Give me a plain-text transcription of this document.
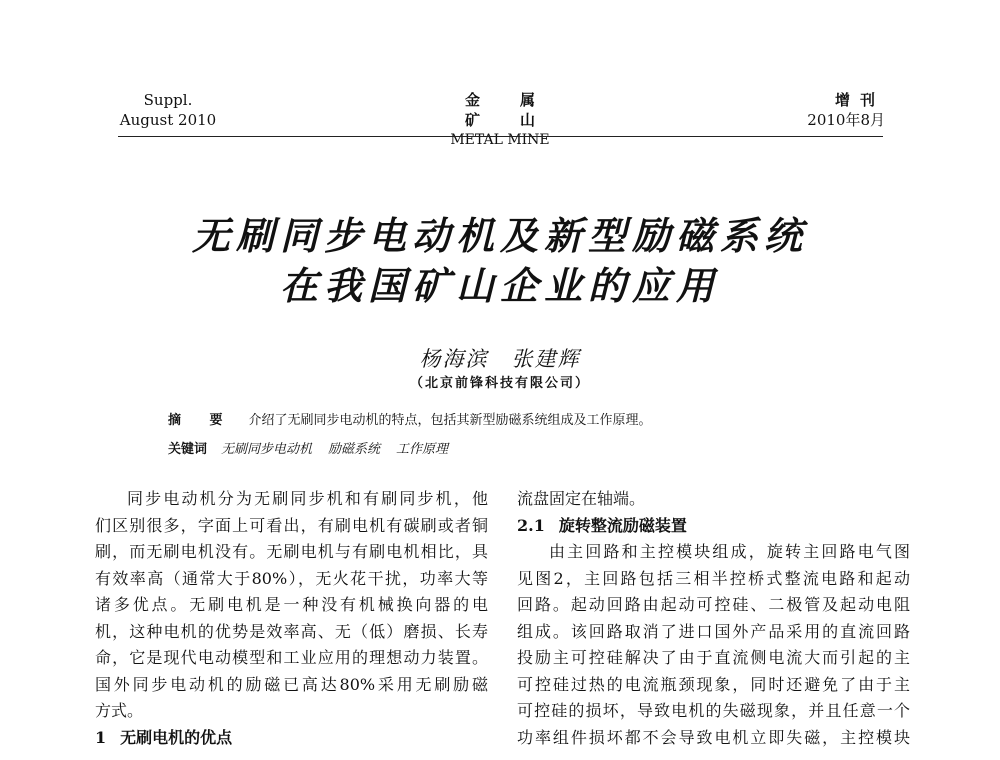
Suppl.
August 2010
金属矿山
METAL MINE
增刊
2010年8月
无刷同步电动机及新型励磁系统
在我国矿山企业的应用
杨海滨　张建辉
（北京前锋科技有限公司）
摘 要 介绍了无刷同步电动机的特点，包括其新型励磁系统组成及工作原理。
关键词 无刷同步电动机 励磁系统 工作原理
同步电动机分为无刷同步机和有刷同步机，他
们区别很多，字面上可看出，有刷电机有碳刷或者铜
刷，而无刷电机没有。无刷电机与有刷电机相比，具
有效率高（通常大于80%），无火花干扰，功率大等
诸多优点。无刷电机是一种没有机械换向器的电
机，这种电机的优势是效率高、无（低）磨损、长寿
命，它是现代电动模型和工业应用的理想动力装置。
国外同步电动机的励磁已高达80%采用无刷励磁
方式。
1 无刷电机的优点
流盘固定在轴端。
2.1 旋转整流励磁装置
由主回路和主控模块组成，旋转主回路电气图
见图2，主回路包括三相半控桥式整流电路和起动
回路。起动回路由起动可控硅、二极管及起动电阻
组成。该回路取消了进口国外产品采用的直流回路
投励主可控硅解决了由于直流侧电流大而引起的主
可控硅过热的电流瓶颈现象，同时还避免了由于主
可控硅的损坏，导致电机的失磁现象，并且任意一个
功率组件损坏都不会导致电机立即失磁，主控模块
